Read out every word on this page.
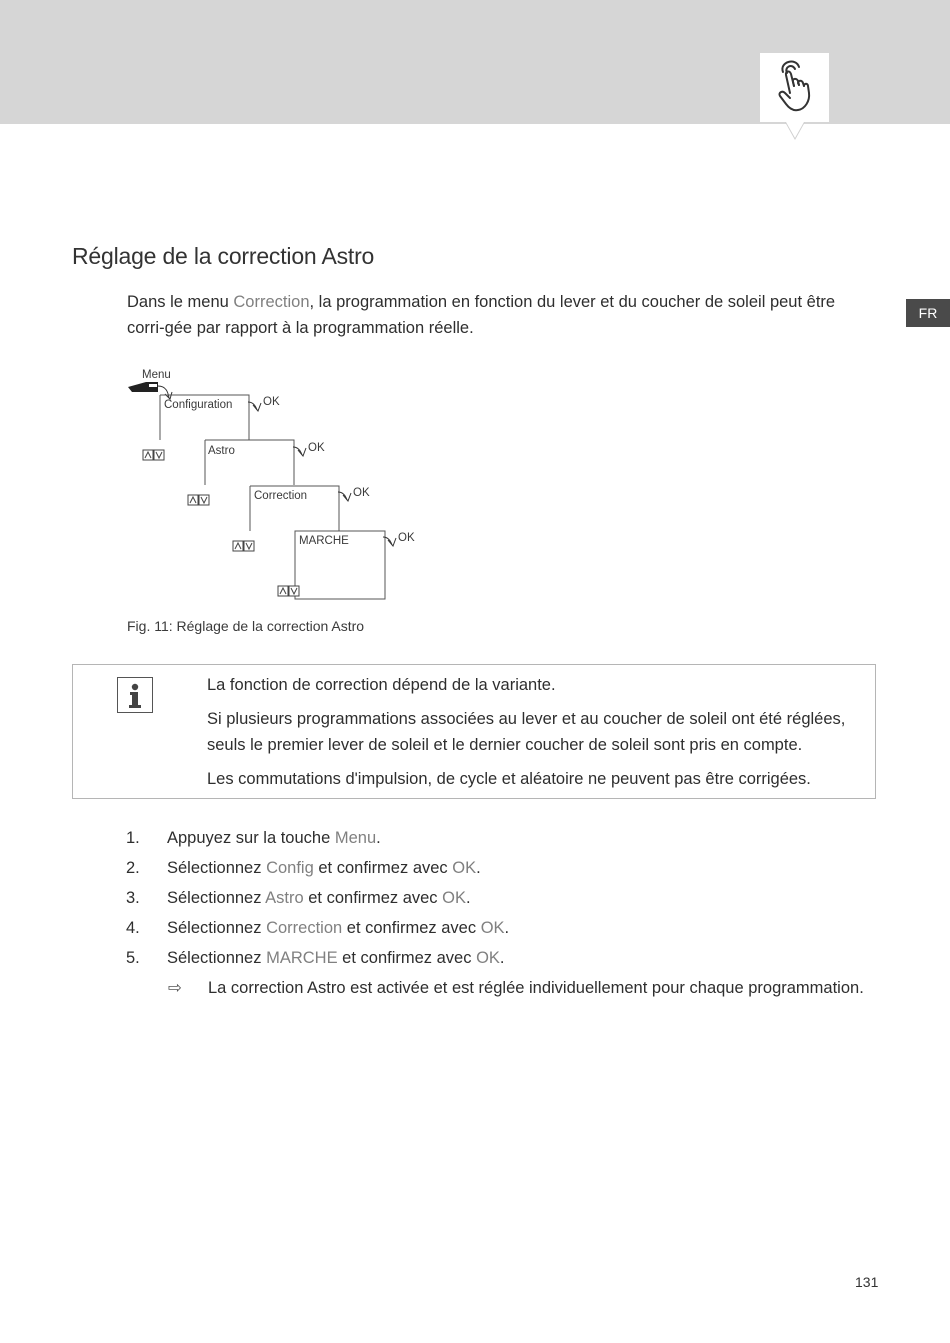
FR
Réglage de la correction Astro

Dans le menu Correction, la programmation en fonction du lever et du coucher de soleil peut être corri-gée par rapport à la programmation réelle.

Menu
Configuration	OK
Astro	OK
Correction	OK
MARCHE	OK

Fig. 11: Réglage de la correction Astro

La fonction de correction dépend de la variante.

Si plusieurs programmations associées au lever et au coucher de soleil ont été réglées, seuls le premier lever de soleil et le dernier coucher de soleil sont pris en compte.

Les commutations d'impulsion, de cycle et aléatoire ne peuvent pas être corrigées.

1.	Appuyez sur la touche Menu.
2.	Sélectionnez Config et confirmez avec OK.
3.	Sélectionnez Astro et confirmez avec OK.
4.	Sélectionnez Correction et confirmez avec OK.
5.	Sélectionnez MARCHE et confirmez avec OK.
⇨ La correction Astro est activée et est réglée individuellement pour chaque programmation.
131
